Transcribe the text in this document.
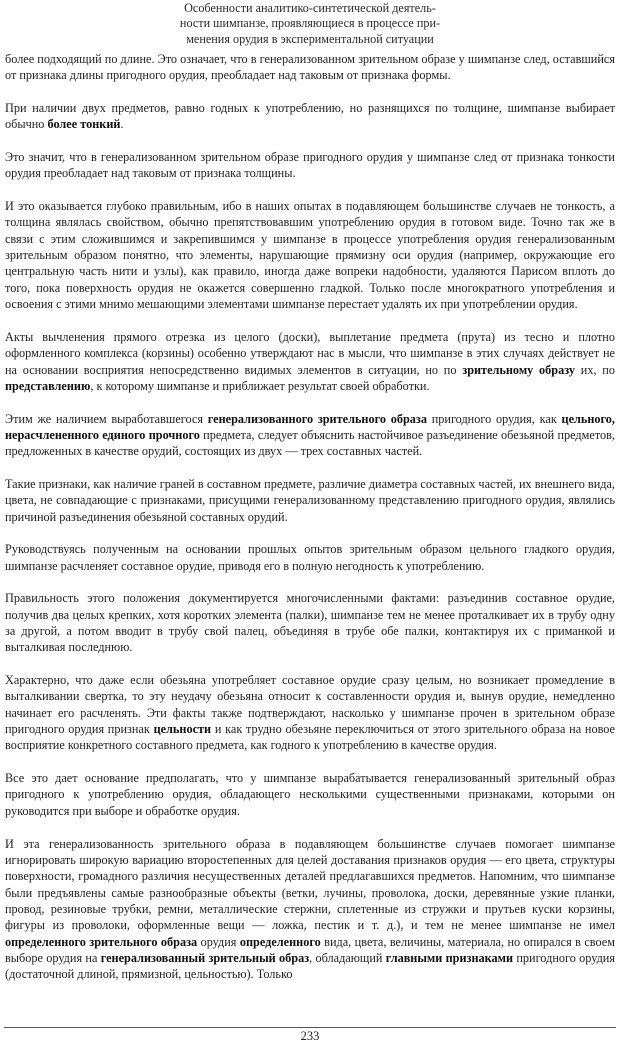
Особенности аналитико-синтетической деятель-
ности шимпанзе, проявляющиеся в процессе при-
менения орудия в экспериментальной ситуации

более подходящий по длине. Это означает, что в генерализованном зрительном образе у шимпанзе след, оставшийся от признака длины пригодного орудия, преобладает над таковым от признака формы.

При наличии двух предметов, равно годных к употреблению, но разнящихся по толщине, шимпанзе выбирает обычно более тонкий.

Это значит, что в генерализованном зрительном образе пригодного орудия у шимпанзе след от признака тонкости орудия преобладает над таковым от признака толщины.

И это оказывается глубоко правильным, ибо в наших опытах в подавляющем большинстве случаев не тонкость, а толщина являлась свойством, обычно препятствовавшим употреблению орудия в готовом виде. Точно так же в связи с этим сложившимся и закрепившимся у шимпанзе в процессе употребления орудия генерализованным зрительным образом понятно, что элементы, нарушающие прямизну оси орудия (например, окружающие его центральную часть нити и узлы), как правило, иногда даже вопреки надобности, удаляются Парисом вплоть до того, пока поверхность орудия не окажется совершенно гладкой. Только после многократного употребления и освоения с этими мнимо мешающими элементами шимпанзе перестает удалять их при употреблении орудия.

Акты вычленения прямого отрезка из целого (доски), выплетание предмета (прута) из тесно и плотно оформленного комплекса (корзины) особенно утверждают нас в мысли, что шимпанзе в этих случаях действует не на основании восприятия непосредственно видимых элементов в ситуации, но по зрительному образу их, по представлению, к которому шимпанзе и приближает результат своей обработки.

Этим же наличием выработавшегося генерализованного зрительного образа пригодного орудия, как цельного, нерасчлененного единого прочного предмета, следует объяснить настойчивое разъединение обезьяной предметов, предложенных в качестве орудий, состоящих из двух — трех составных частей.

Такие признаки, как наличие граней в составном предмете, различие диаметра составных частей, их внешнего вида, цвета, не совпадающие с признаками, присущими генерализованному представлению пригодного орудия, являлись причиной разъединения обезьяной составных орудий.

Руководствуясь полученным на основании прошлых опытов зрительным образом цельного гладкого орудия, шимпанзе расчленяет составное орудие, приводя его в полную негодность к употреблению.

Правильность этого положения документируется многочисленными фактами: разъединив составное орудие, получив два целых крепких, хотя коротких элемента (палки), шимпанзе тем не менее проталкивает их в трубу одну за другой, а потом вводит в трубу свой палец, объединяя в трубе обе палки, контактируя их с приманкой и выталкивая последнюю.

Характерно, что даже если обезьяна употребляет составное орудие сразу целым, но возникает промедление в выталкивании свертка, то эту неудачу обезьяна относит к составленности орудия и, вынув орудие, немедленно начинает его расчленять. Эти факты также подтверждают, насколько у шимпанзе прочен в зрительном образе пригодного орудия признак цельности и как трудно обезьяне переключиться от этого зрительного образа на новое восприятие конкретного составного предмета, как годного к употреблению в качестве орудия.

Все это дает основание предполагать, что у шимпанзе вырабатывается генерализованный зрительный образ пригодного к употреблению орудия, обладающего несколькими существенными признаками, которыми он руководится при выборе и обработке орудия.

И эта генерализованность зрительного образа в подавляющем большинстве случаев помогает шимпанзе игнорировать широкую вариацию второстепенных для целей доставания признаков орудия — его цвета, структуры поверхности, громадного различия несущественных деталей предлагавшихся предметов. Напомним, что шимпанзе были предъявлены самые разнообразные объекты (ветки, лучины, проволока, доски, деревянные узкие планки, провод, резиновые трубки, ремни, металлические стержни, сплетенные из стружки и прутьев куски корзины, фигуры из проволоки, оформленные вещи — ложка, пестик и т. д.), и тем не менее шимпанзе не имел определенного зрительного образа орудия определенного вида, цвета, величины, материала, но опирался в своем выборе орудия на генерализованный зрительный образ, обладающий главными признаками пригодного орудия (достаточной длиной, прямизной, цельностью). Только

233
